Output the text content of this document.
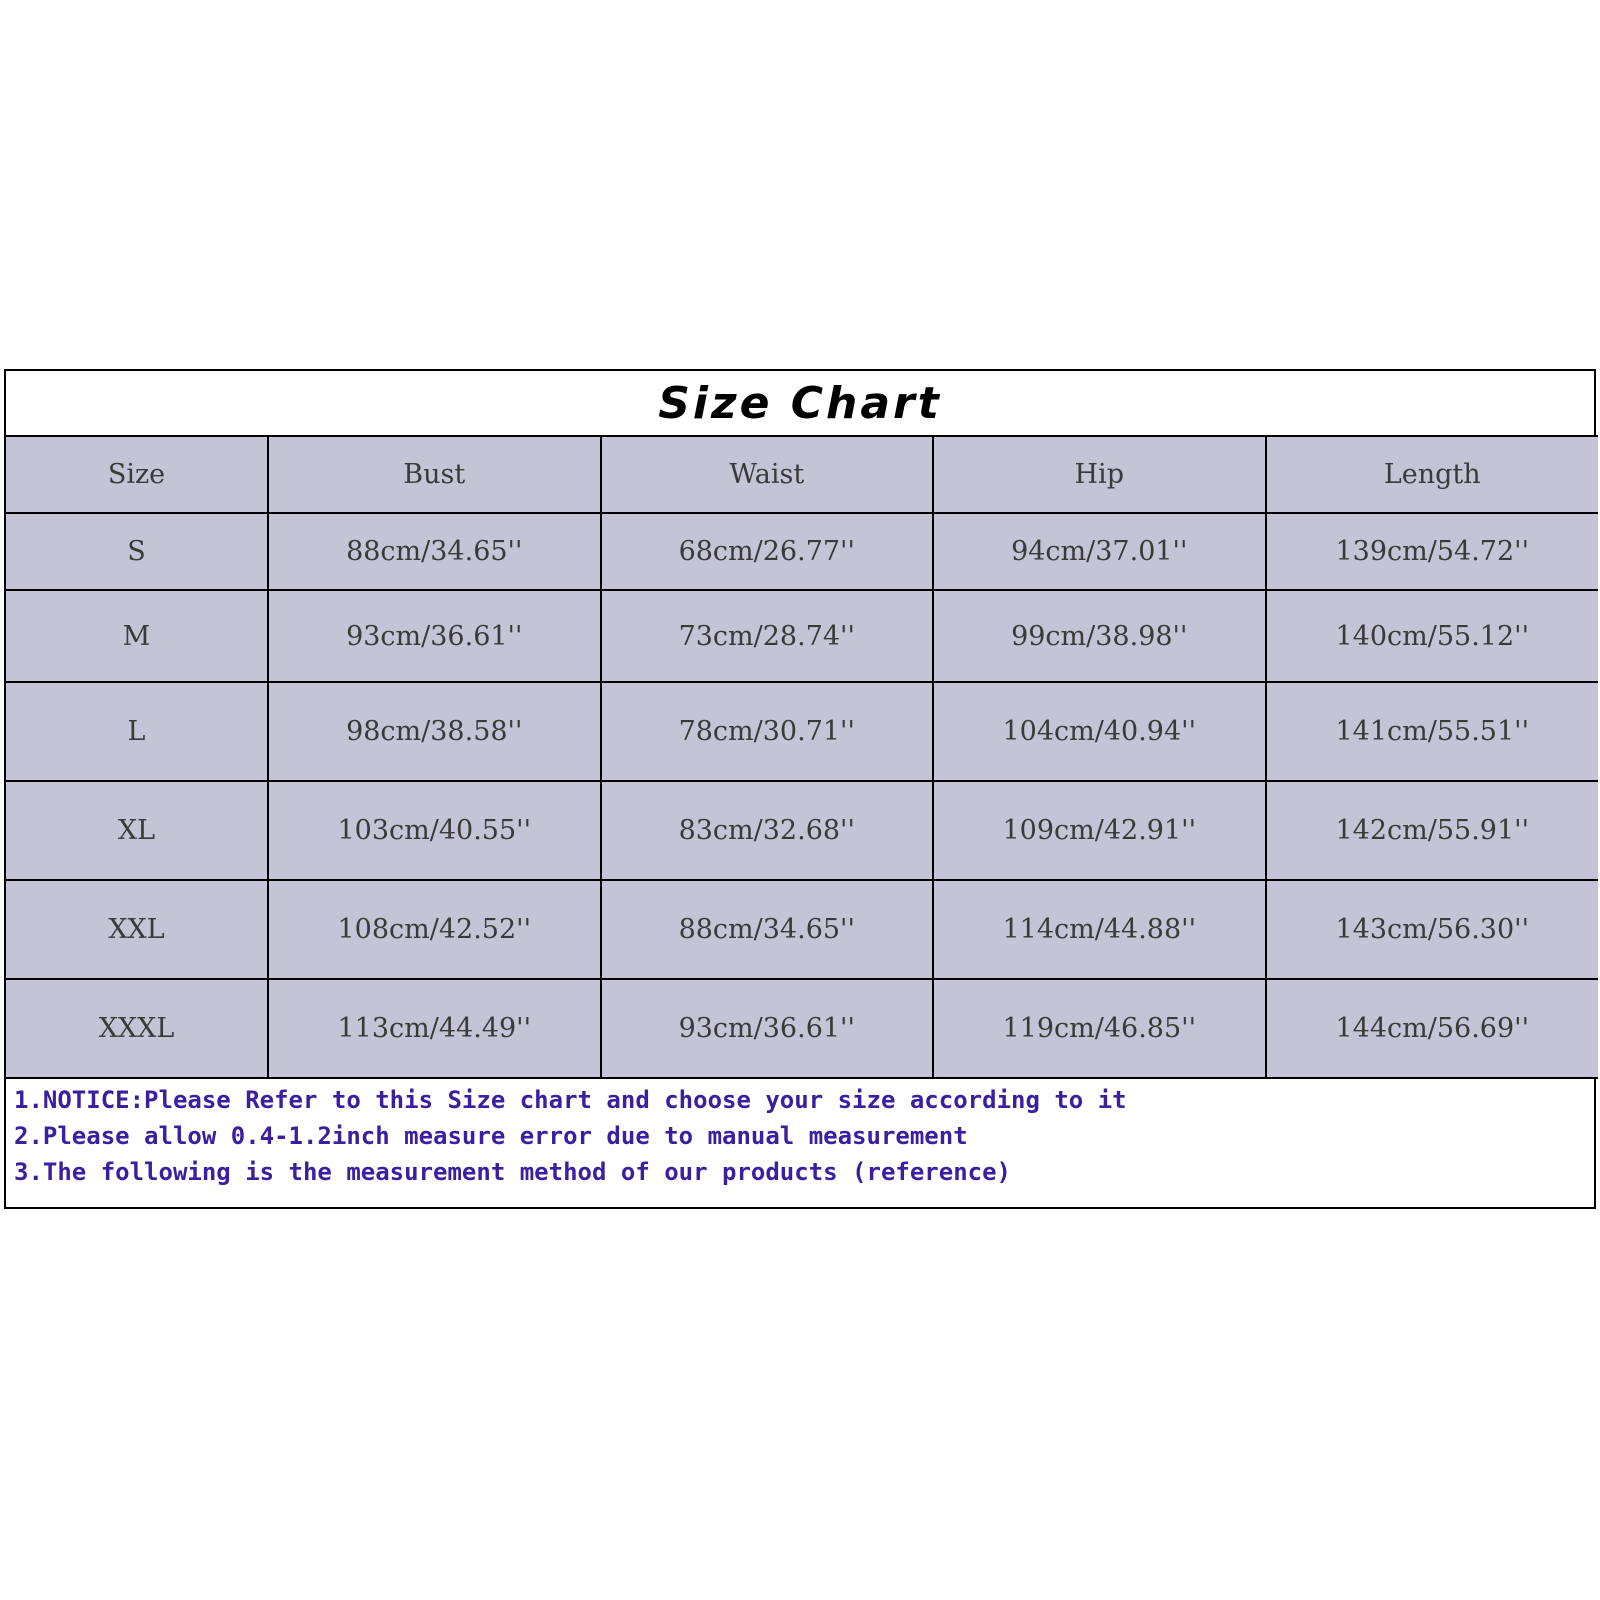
Size Chart
Size	Bust	Waist	Hip	Length
S	88cm/34.65''	68cm/26.77''	94cm/37.01''	139cm/54.72''
M	93cm/36.61''	73cm/28.74''	99cm/38.98''	140cm/55.12''
L	98cm/38.58''	78cm/30.71''	104cm/40.94''	141cm/55.51''
XL	103cm/40.55''	83cm/32.68''	109cm/42.91''	142cm/55.91''
XXL	108cm/42.52''	88cm/34.65''	114cm/44.88''	143cm/56.30''
XXXL	113cm/44.49''	93cm/36.61''	119cm/46.85''	144cm/56.69''
1.NOTICE:Please Refer to this Size chart and choose your size according to it
2.Please allow 0.4-1.2inch measure error due to manual measurement
3.The following is the measurement method of our products (reference)
